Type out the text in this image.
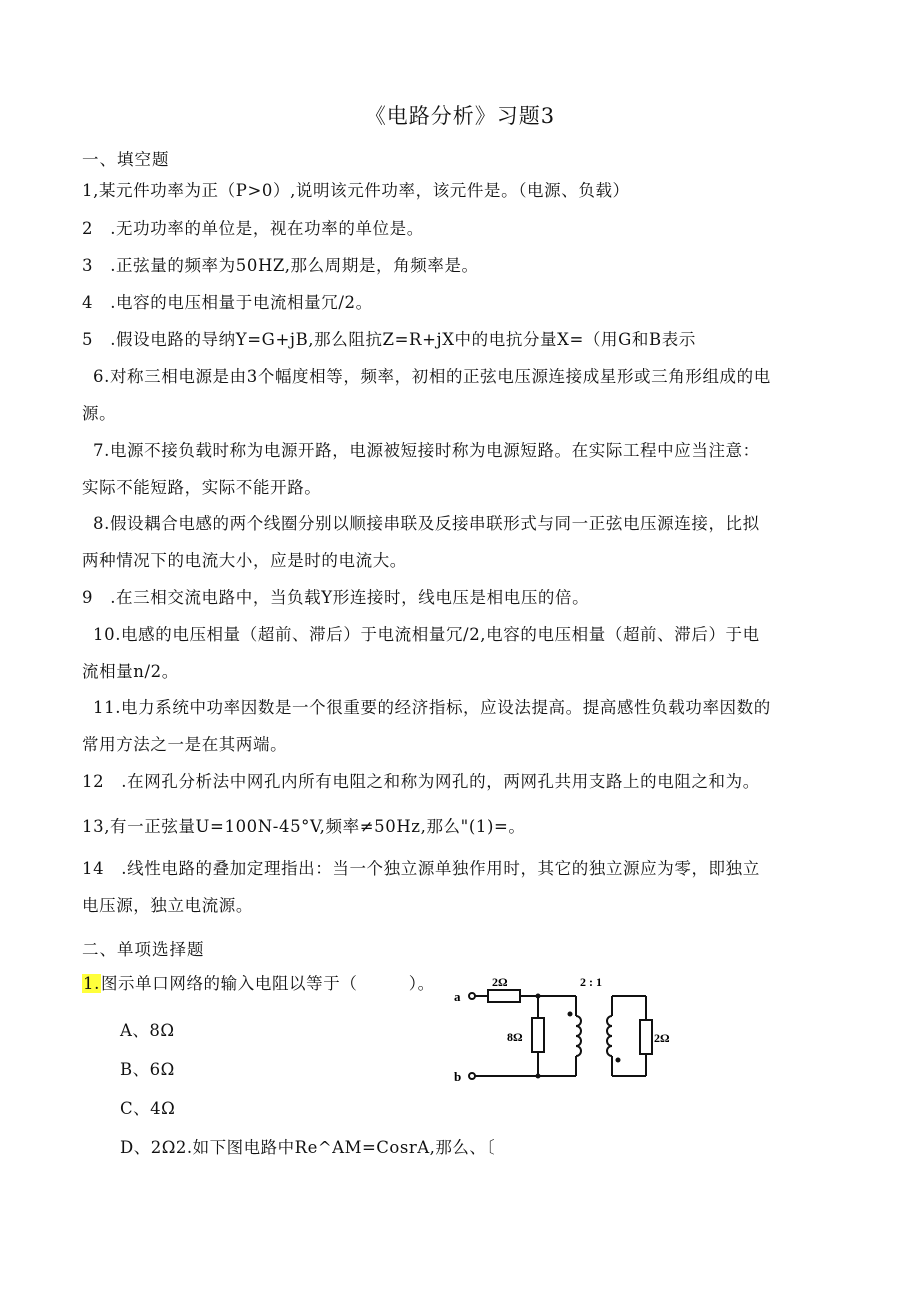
《电路分析》习题3
一、填空题
1,某元件功率为正（P>0）,说明该元件功率，该元件是。（电源、负载）
2　.无功功率的单位是，视在功率的单位是。
3　.正弦量的频率为50HZ,那么周期是，角频率是。
4　.电容的电压相量于电流相量冗/2。
5　.假设电路的导纳Y=G+jB,那么阻抗Z=R+jX中的电抗分量X=（用G和B表示
6.对称三相电源是由3个幅度相等，频率，初相的正弦电压源连接成星形或三角形组成的电
源。
7.电源不接负载时称为电源开路，电源被短接时称为电源短路。在实际工程中应当注意：
实际不能短路，实际不能开路。
8.假设耦合电感的两个线圈分别以顺接串联及反接串联形式与同一正弦电压源连接，比拟
两种情况下的电流大小，应是时的电流大。
9　.在三相交流电路中，当负载Y形连接时，线电压是相电压的倍。
10.电感的电压相量（超前、滞后）于电流相量冗/2,电容的电压相量（超前、滞后）于电
流相量n/2。
11.电力系统中功率因数是一个很重要的经济指标，应设法提高。提高感性负载功率因数的
常用方法之一是在其两端。
12　.在网孔分析法中网孔内所有电阻之和称为网孔的，两网孔共用支路上的电阻之和为。
13,有一正弦量U=100N-45°V,频率≠50Hz,那么"(1)=。
14　.线性电路的叠加定理指出：当一个独立源单独作用时，其它的独立源应为零，即独立
电压源，独立电流源。
二、单项选择题
1.图示单口网络的输入电阻以等于（　　　）。
A、8Ω
B、6Ω
C、4Ω
D、2Ω2.如下图电路中Re^AM=CosrA,那么、〔
a
b
2Ω
8Ω	2Ω
2 : 1
